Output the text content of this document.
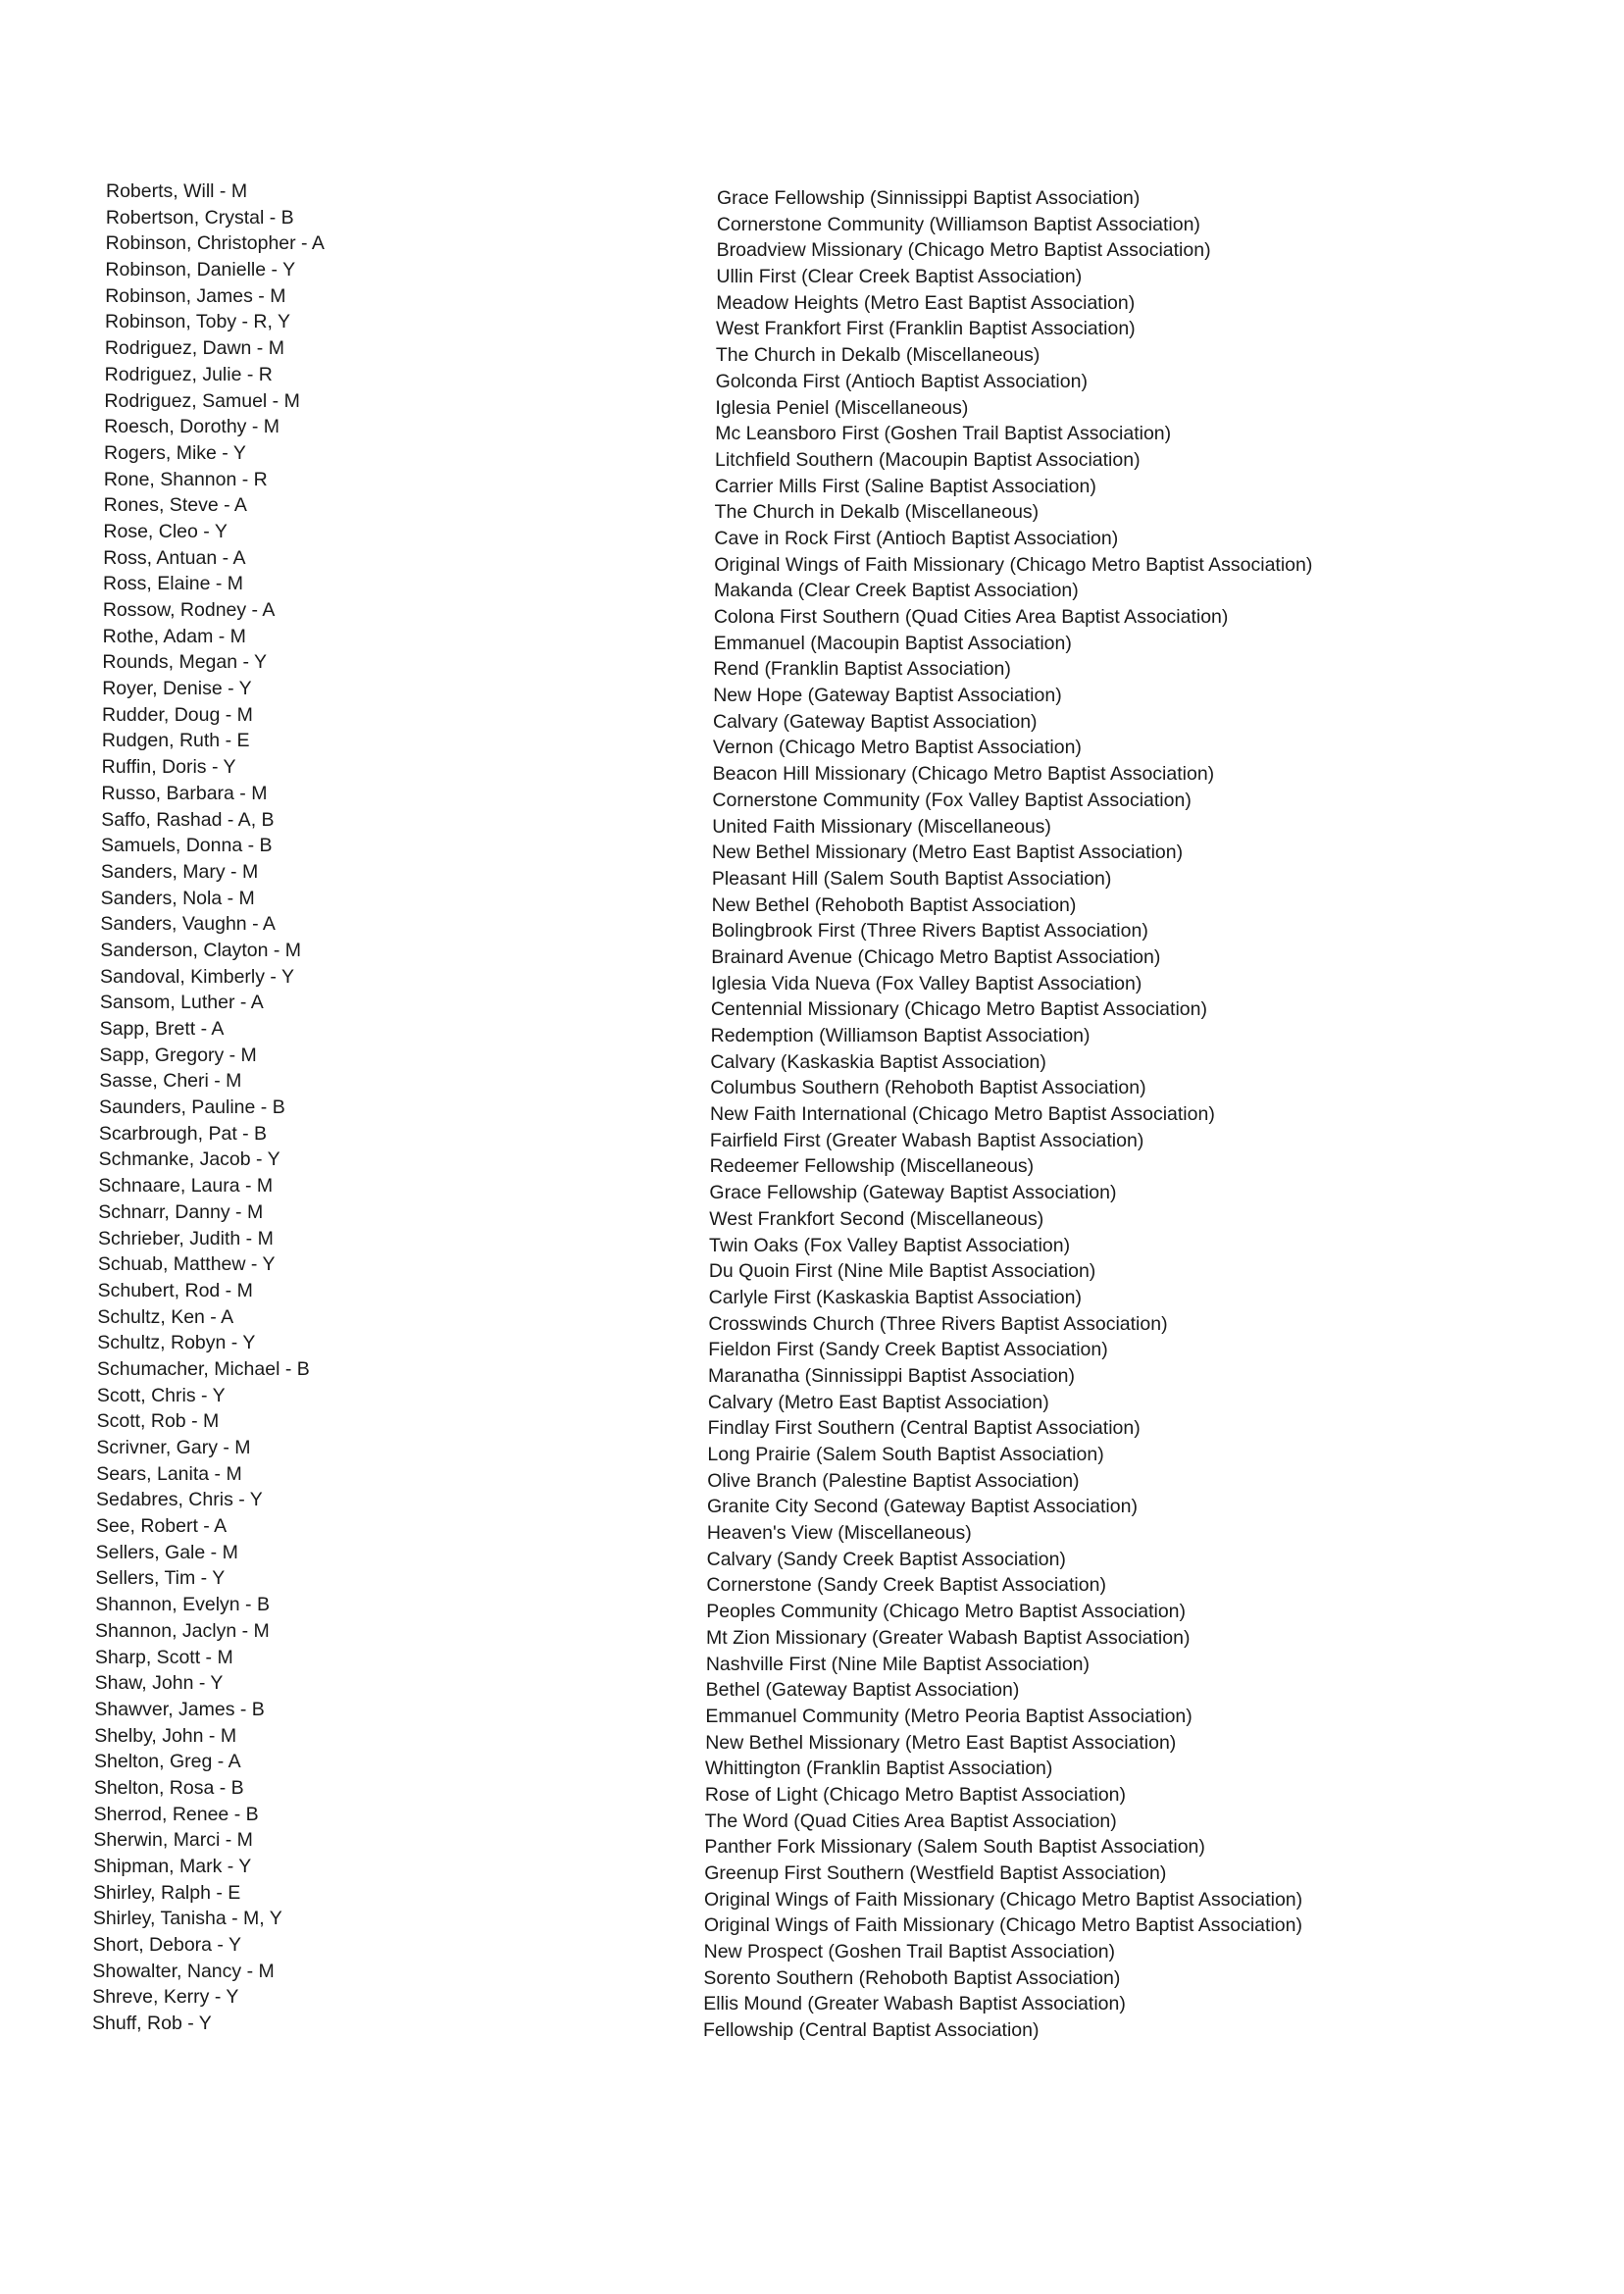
Roberts, Will - M
Robertson, Crystal - B
Robinson, Christopher - A
Robinson, Danielle - Y
Robinson, James - M
Robinson, Toby - R, Y
Rodriguez, Dawn - M
Rodriguez, Julie - R
Rodriguez, Samuel - M
Roesch, Dorothy - M
Rogers, Mike - Y
Rone, Shannon - R
Rones, Steve - A
Rose, Cleo - Y
Ross, Antuan - A
Ross, Elaine - M
Rossow, Rodney - A
Rothe, Adam - M
Rounds, Megan - Y
Royer, Denise - Y
Rudder, Doug - M
Rudgen, Ruth - E
Ruffin, Doris - Y
Russo, Barbara - M
Saffo, Rashad - A, B
Samuels, Donna - B
Sanders, Mary - M
Sanders, Nola - M
Sanders, Vaughn - A
Sanderson, Clayton - M
Sandoval, Kimberly - Y
Sansom, Luther - A
Sapp, Brett - A
Sapp, Gregory - M
Sasse, Cheri - M
Saunders, Pauline - B
Scarbrough, Pat - B
Schmanke, Jacob - Y
Schnaare, Laura - M
Schnarr, Danny - M
Schrieber, Judith - M
Schuab, Matthew - Y
Schubert, Rod - M
Schultz, Ken - A
Schultz, Robyn - Y
Schumacher, Michael - B
Scott, Chris - Y
Scott, Rob - M
Scrivner, Gary - M
Sears, Lanita - M
Sedabres, Chris - Y
See, Robert - A
Sellers, Gale - M
Sellers, Tim - Y
Shannon, Evelyn - B
Shannon, Jaclyn - M
Sharp, Scott - M
Shaw, John - Y
Shawver, James - B
Shelby, John - M
Shelton, Greg - A
Shelton, Rosa - B
Sherrod, Renee - B
Sherwin, Marci - M
Shipman, Mark - Y
Shirley, Ralph - E
Shirley, Tanisha - M, Y
Short, Debora - Y
Showalter, Nancy - M
Shreve, Kerry - Y
Shuff, Rob - Y
Grace Fellowship (Sinnissippi Baptist Association)
Cornerstone Community (Williamson Baptist Association)
Broadview Missionary (Chicago Metro Baptist Association)
Ullin First (Clear Creek Baptist Association)
Meadow Heights (Metro East Baptist Association)
West Frankfort First (Franklin Baptist Association)
The Church in Dekalb (Miscellaneous)
Golconda First (Antioch Baptist Association)
Iglesia Peniel (Miscellaneous)
Mc Leansboro First (Goshen Trail Baptist Association)
Litchfield Southern (Macoupin Baptist Association)
Carrier Mills First (Saline Baptist Association)
The Church in Dekalb (Miscellaneous)
Cave in Rock First (Antioch Baptist Association)
Original Wings of Faith Missionary (Chicago Metro Baptist Association)
Makanda (Clear Creek Baptist Association)
Colona First Southern (Quad Cities Area Baptist Association)
Emmanuel (Macoupin Baptist Association)
Rend (Franklin Baptist Association)
New Hope (Gateway Baptist Association)
Calvary (Gateway Baptist Association)
Vernon (Chicago Metro Baptist Association)
Beacon Hill Missionary (Chicago Metro Baptist Association)
Cornerstone Community (Fox Valley Baptist Association)
United Faith Missionary (Miscellaneous)
New Bethel Missionary (Metro East Baptist Association)
Pleasant Hill (Salem South Baptist Association)
New Bethel (Rehoboth Baptist Association)
Bolingbrook First (Three Rivers Baptist Association)
Brainard Avenue (Chicago Metro Baptist Association)
Iglesia Vida Nueva (Fox Valley Baptist Association)
Centennial Missionary (Chicago Metro Baptist Association)
Redemption (Williamson Baptist Association)
Calvary (Kaskaskia Baptist Association)
Columbus Southern (Rehoboth Baptist Association)
New Faith International (Chicago Metro Baptist Association)
Fairfield First (Greater Wabash Baptist Association)
Redeemer Fellowship (Miscellaneous)
Grace Fellowship (Gateway Baptist Association)
West Frankfort Second (Miscellaneous)
Twin Oaks (Fox Valley Baptist Association)
Du Quoin First (Nine Mile Baptist Association)
Carlyle First (Kaskaskia Baptist Association)
Crosswinds Church (Three Rivers Baptist Association)
Fieldon First (Sandy Creek Baptist Association)
Maranatha (Sinnissippi Baptist Association)
Calvary (Metro East Baptist Association)
Findlay First Southern (Central Baptist Association)
Long Prairie (Salem South Baptist Association)
Olive Branch (Palestine Baptist Association)
Granite City Second (Gateway Baptist Association)
Heaven's View (Miscellaneous)
Calvary (Sandy Creek Baptist Association)
Cornerstone (Sandy Creek Baptist Association)
Peoples Community (Chicago Metro Baptist Association)
Mt Zion Missionary (Greater Wabash Baptist Association)
Nashville First (Nine Mile Baptist Association)
Bethel (Gateway Baptist Association)
Emmanuel Community (Metro Peoria Baptist Association)
New Bethel Missionary (Metro East Baptist Association)
Whittington (Franklin Baptist Association)
Rose of Light (Chicago Metro Baptist Association)
The Word (Quad Cities Area Baptist Association)
Panther Fork Missionary (Salem South Baptist Association)
Greenup First Southern (Westfield Baptist Association)
Original Wings of Faith Missionary (Chicago Metro Baptist Association)
Original Wings of Faith Missionary (Chicago Metro Baptist Association)
New Prospect (Goshen Trail Baptist Association)
Sorento Southern (Rehoboth Baptist Association)
Ellis Mound (Greater Wabash Baptist Association)
Fellowship (Central Baptist Association)
